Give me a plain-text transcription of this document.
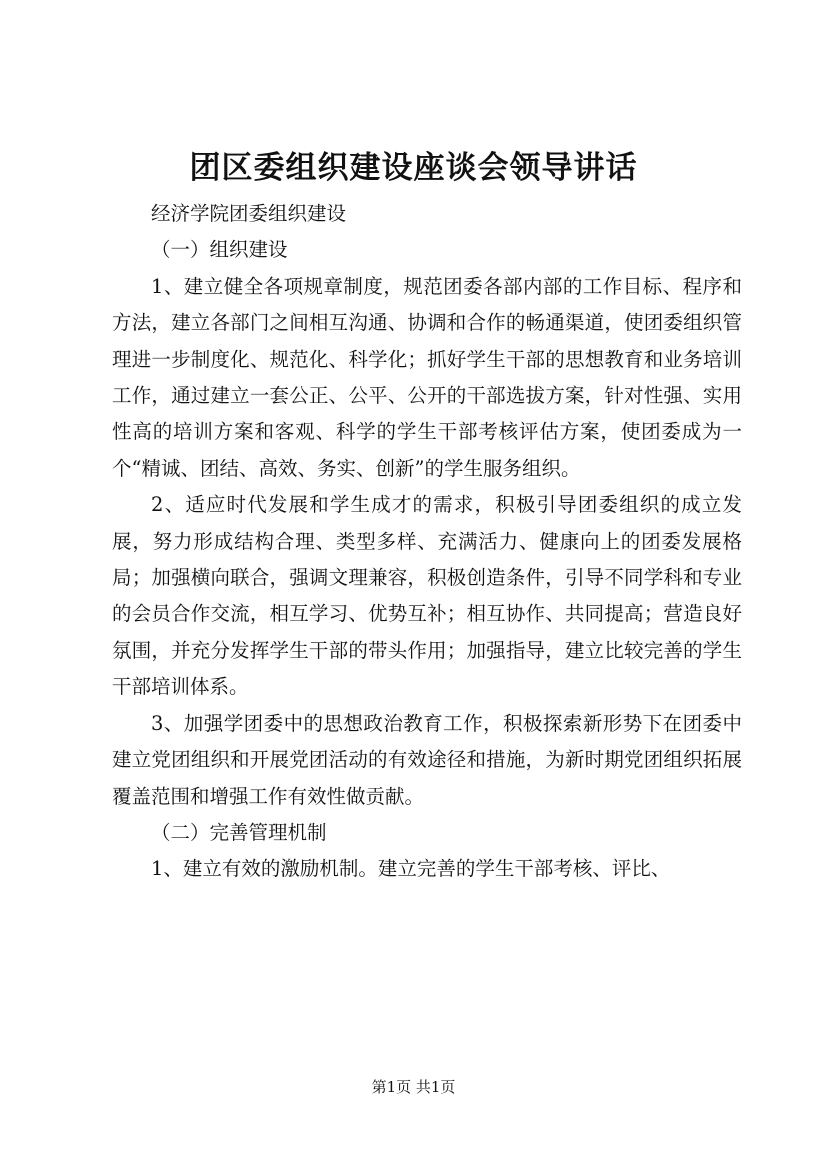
团区委组织建设座谈会领导讲话

经济学院团委组织建设

（一）组织建设

1、建立健全各项规章制度，规范团委各部内部的工作目标、程序和方法，建立各部门之间相互沟通、协调和合作的畅通渠道，使团委组织管理进一步制度化、规范化、科学化；抓好学生干部的思想教育和业务培训工作，通过建立一套公正、公平、公开的干部选拔方案，针对性强、实用性高的培训方案和客观、科学的学生干部考核评估方案，使团委成为一个“精诚、团结、高效、务实、创新”的学生服务组织。

2、适应时代发展和学生成才的需求，积极引导团委组织的成立发展，努力形成结构合理、类型多样、充满活力、健康向上的团委发展格局；加强横向联合，强调文理兼容，积极创造条件，引导不同学科和专业的会员合作交流，相互学习、优势互补；相互协作、共同提高；营造良好氛围，并充分发挥学生干部的带头作用；加强指导，建立比较完善的学生干部培训体系。

3、加强学团委中的思想政治教育工作，积极探索新形势下在团委中建立党团组织和开展党团活动的有效途径和措施，为新时期党团组织拓展覆盖范围和增强工作有效性做贡献。

（二）完善管理机制

1、建立有效的激励机制。建立完善的学生干部考核、评比、

第1页 共1页
